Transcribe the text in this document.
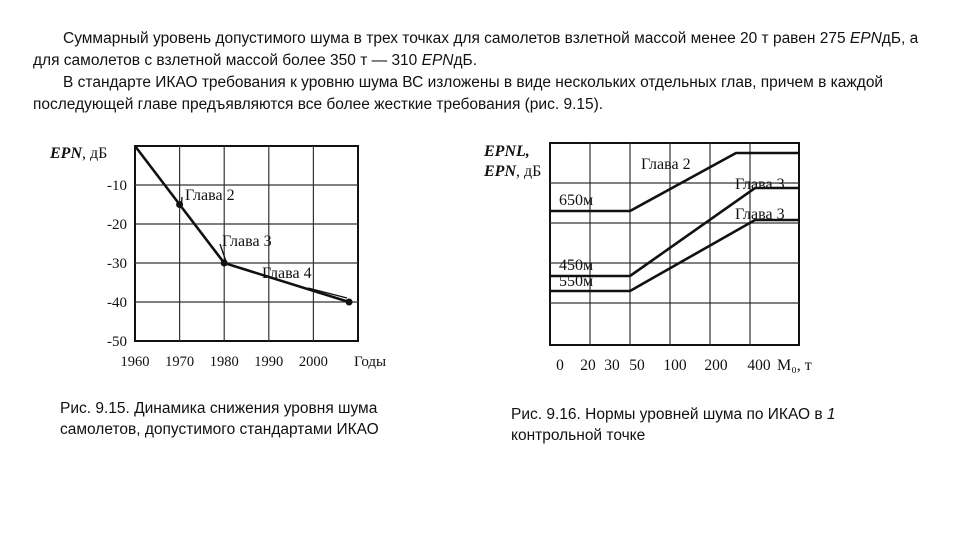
Суммарный уровень допустимого шума в трех точках для самолетов взлетной массой менее 20 т равен 275 EPNдБ, а для самолетов с взлетной массой более 350 т — 310 EPNдБ.

В стандарте ИКАО требования к уровню шума ВС изложены в виде нескольких отдельных глав, причем в каждой последующей главе предъявляются все более жесткие требования (рис. 9.15).

EPN, дБ
-10
-20
-30
-40
-50
1960 1970 1980 1990 2000 Годы
Глава 2
Глава 3
Глава 4
EPNL,
EPN, дБ
0 20 30 50 100 200 400 M₀, т
650м
450м
550м
Глава 2
Глава 3
Глава 3

Рис. 9.15. Динамика снижения уровня шума самолетов, допустимого стандартами ИКАО

Рис. 9.16. Нормы уровней шума по ИКАО в 1 контрольной точке
